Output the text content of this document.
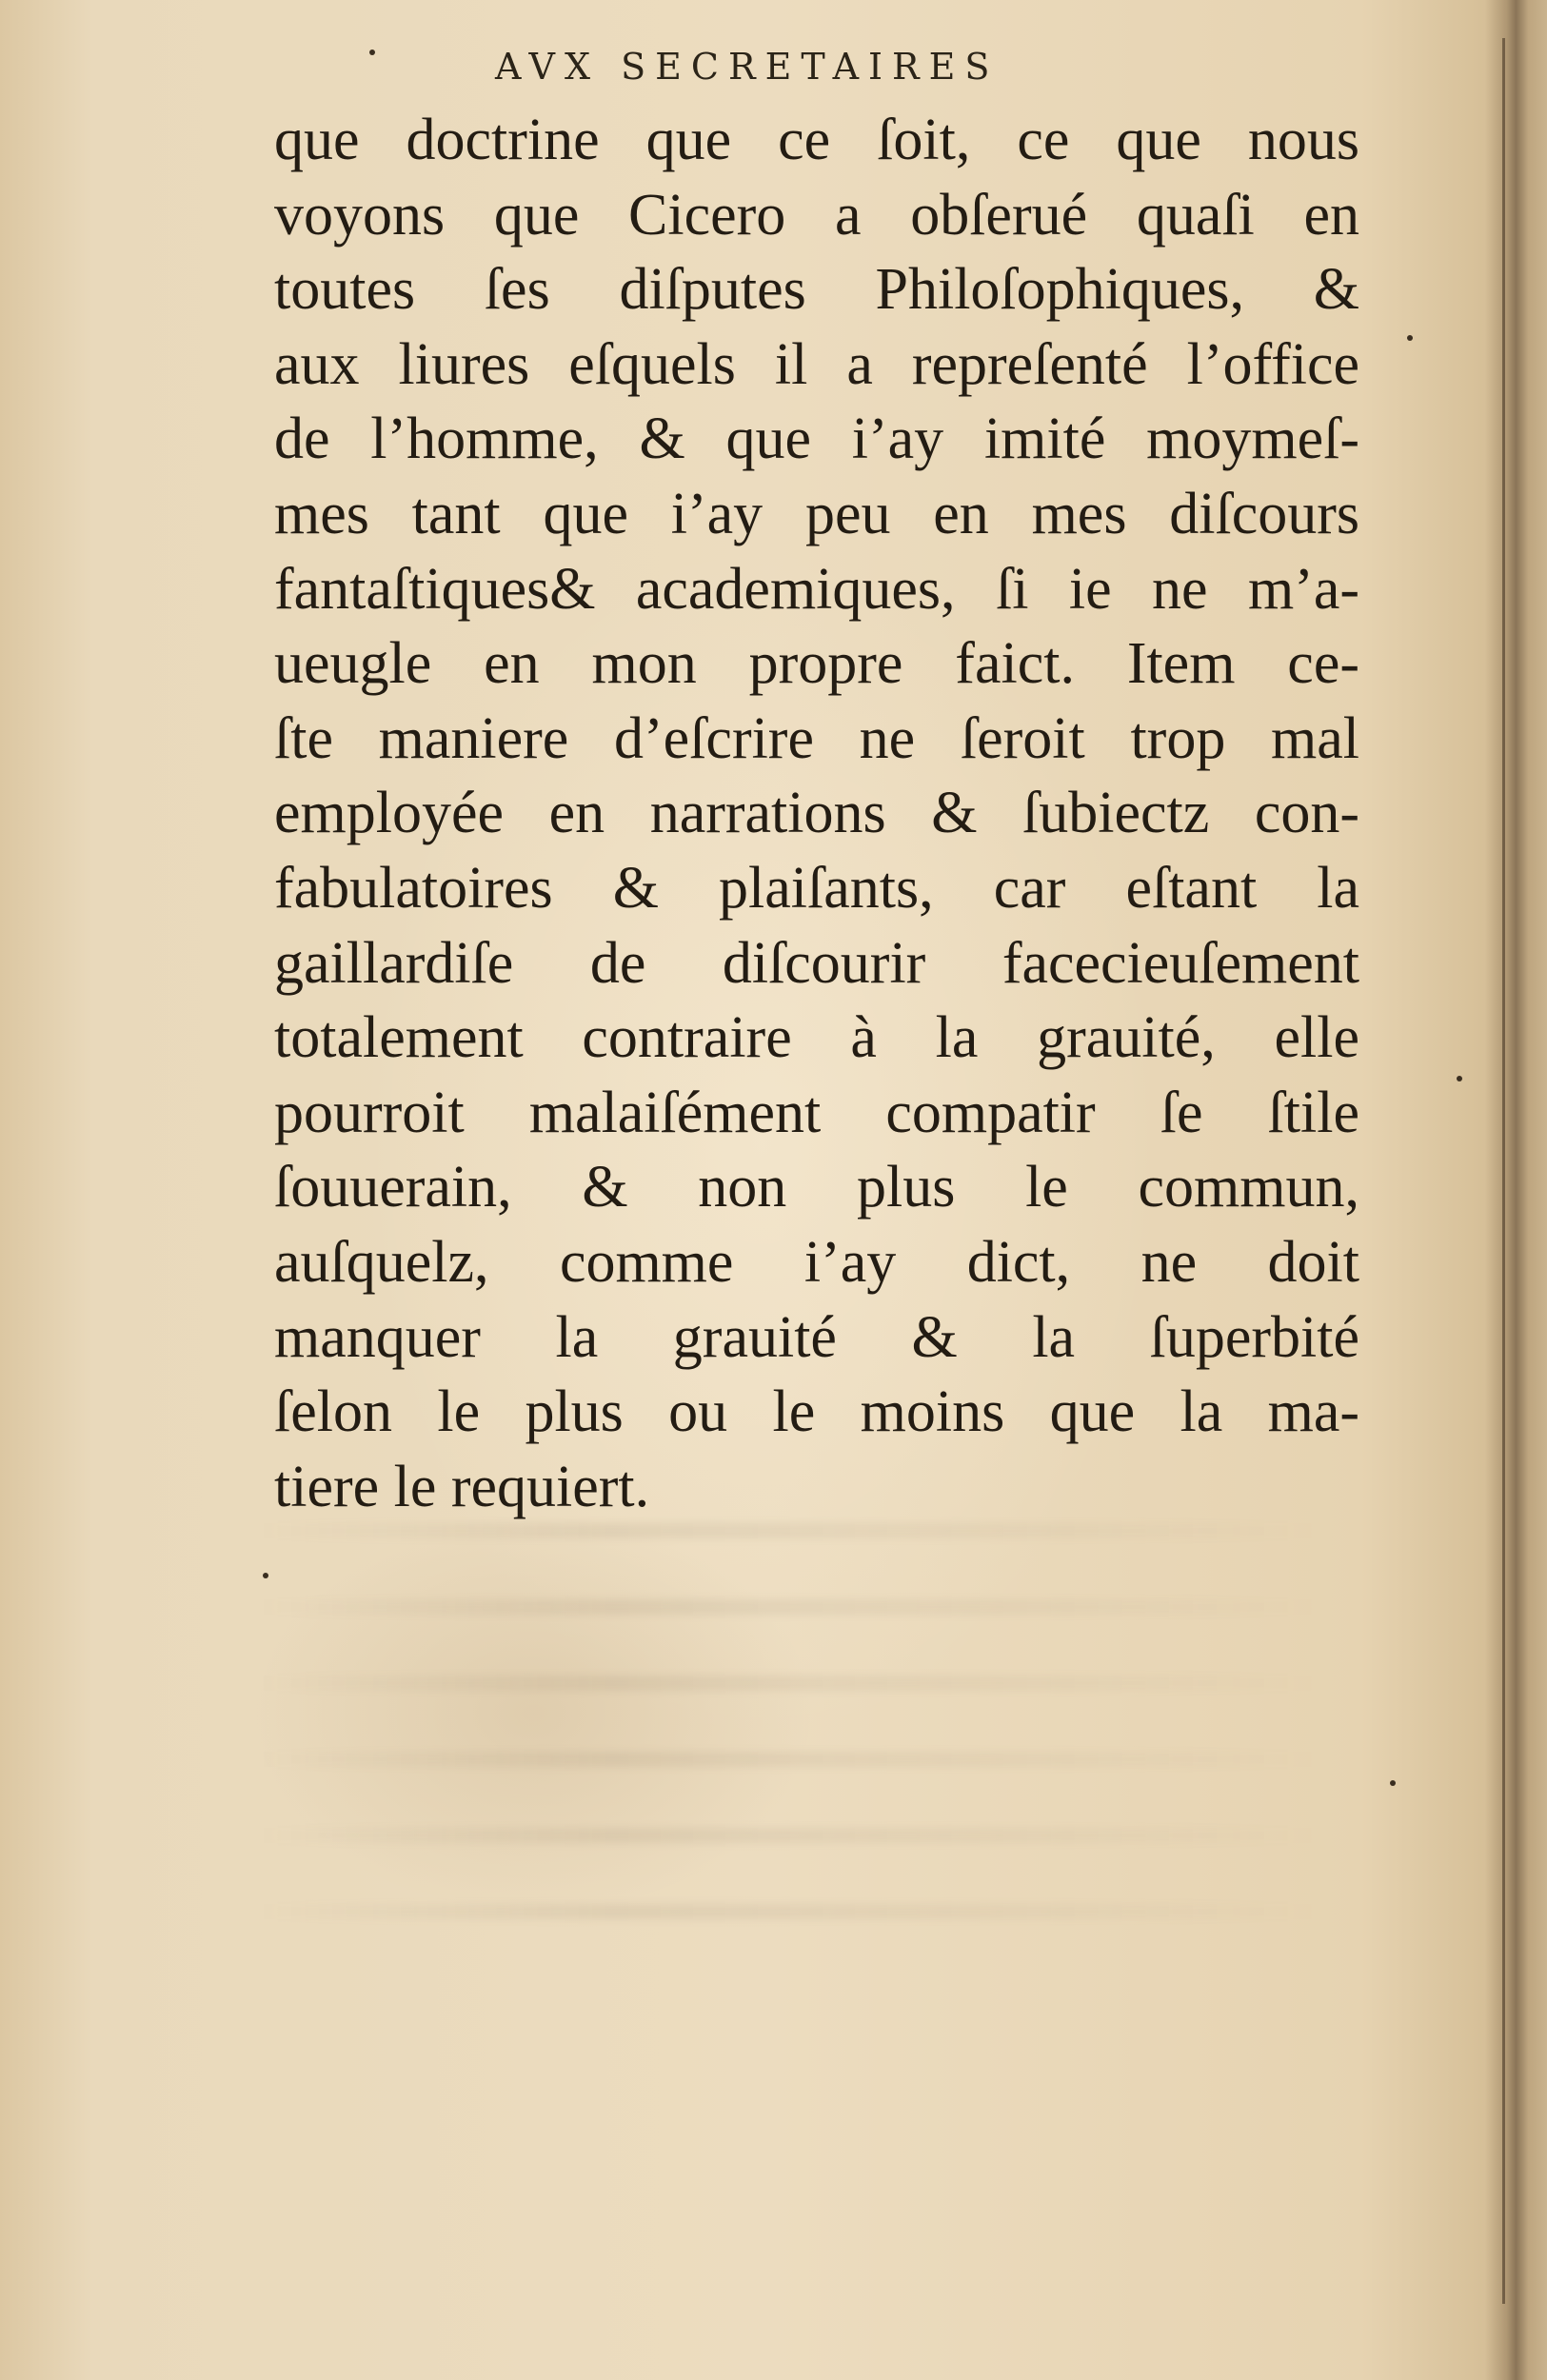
AVX SECRETAIRES
que doctrine que ce ſoit, ce que nous
voyons que Cicero a obſerué quaſi en
toutes ſes diſputes Philoſophiques, &
aux liures eſquels il a repreſenté l’office
de l’homme, & que i’ay imité moymeſ-
mes tant que i’ay peu en mes diſcours
fantaſtiques& academiques, ſi ie ne m’a-
ueugle en mon propre faict. Item ce-
ſte maniere d’eſcrire ne ſeroit trop mal
employée en narrations & ſubiectz con-
fabulatoires & plaiſants, car eſtant la
gaillardiſe de diſcourir facecieuſement
totalement contraire à la grauité, elle
pourroit malaiſément compatir ſe ſtile
ſouuerain, & non plus le commun,
auſquelz, comme i’ay dict, ne doit
manquer la grauité & la ſuperbité
ſelon le plus ou le moins que la ma-
tiere le requiert.
